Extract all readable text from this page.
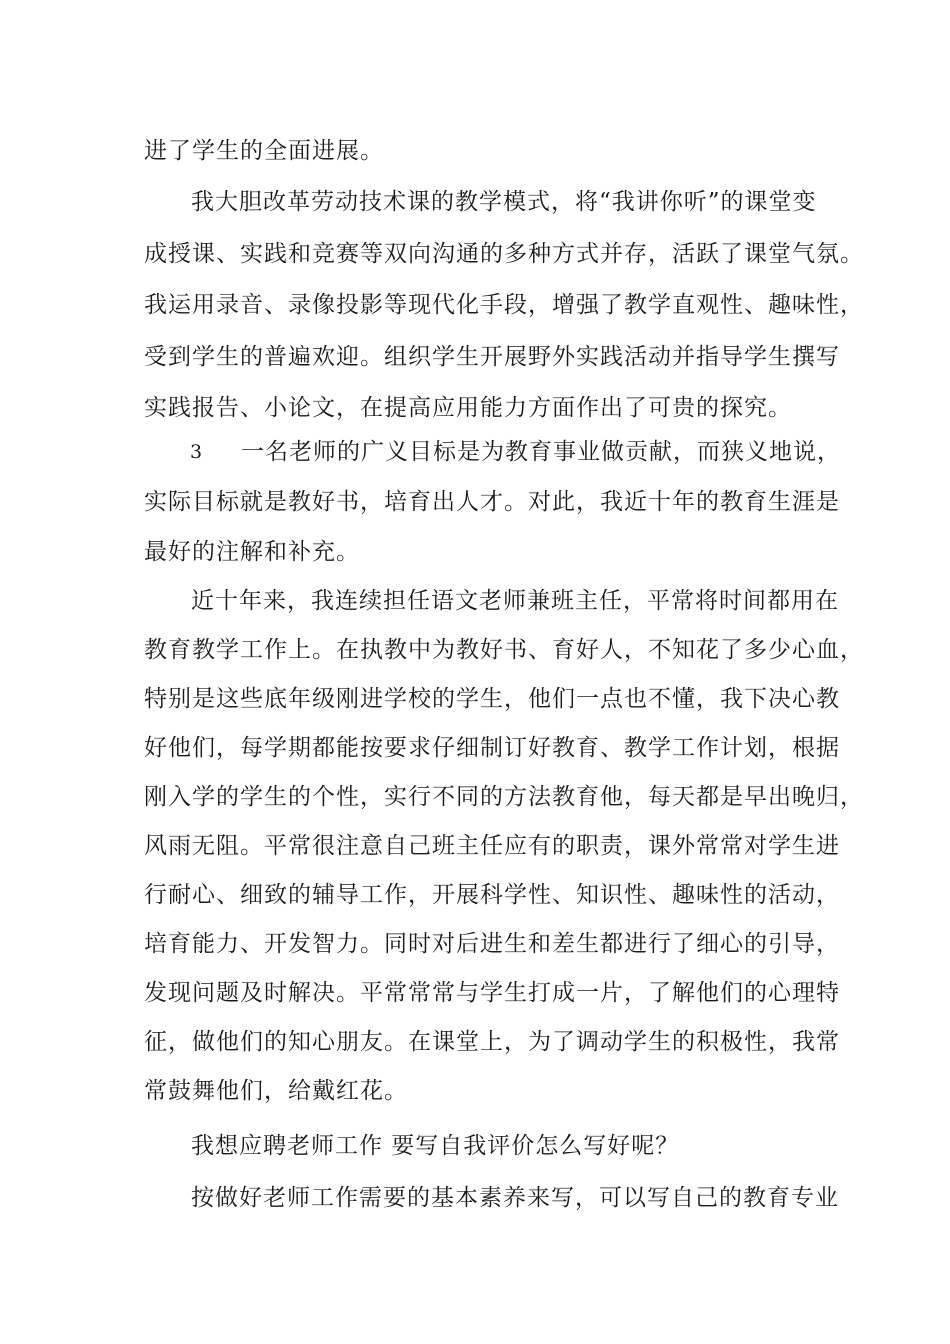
进了学生的全面进展。
我大胆改革劳动技术课的教学模式，将“我讲你听”的课堂变
成授课、实践和竞赛等双向沟通的多种方式并存，活跃了课堂气氛。
我运用录音、录像投影等现代化手段，增强了教学直观性、趣味性，
受到学生的普遍欢迎。组织学生开展野外实践活动并指导学生撰写
实践报告、小论文，在提高应用能力方面作出了可贵的探究。
3 一名老师的广义目标是为教育事业做贡献，而狭义地说，
实际目标就是教好书，培育出人才。对此，我近十年的教育生涯是
最好的注解和补充。
近十年来，我连续担任语文老师兼班主任，平常将时间都用在
教育教学工作上。在执教中为教好书、育好人，不知花了多少心血，
特别是这些底年级刚进学校的学生，他们一点也不懂，我下决心教
好他们，每学期都能按要求仔细制订好教育、教学工作计划，根据
刚入学的学生的个性，实行不同的方法教育他，每天都是早出晚归，
风雨无阻。平常很注意自己班主任应有的职责，课外常常对学生进
行耐心、细致的辅导工作，开展科学性、知识性、趣味性的活动，
培育能力、开发智力。同时对后进生和差生都进行了细心的引导，
发现问题及时解决。平常常常与学生打成一片，了解他们的心理特
征，做他们的知心朋友。在课堂上，为了调动学生的积极性，我常
常鼓舞他们，给戴红花。
我想应聘老师工作 要写自我评价怎么写好呢？
按做好老师工作需要的基本素养来写，可以写自己的教育专业
